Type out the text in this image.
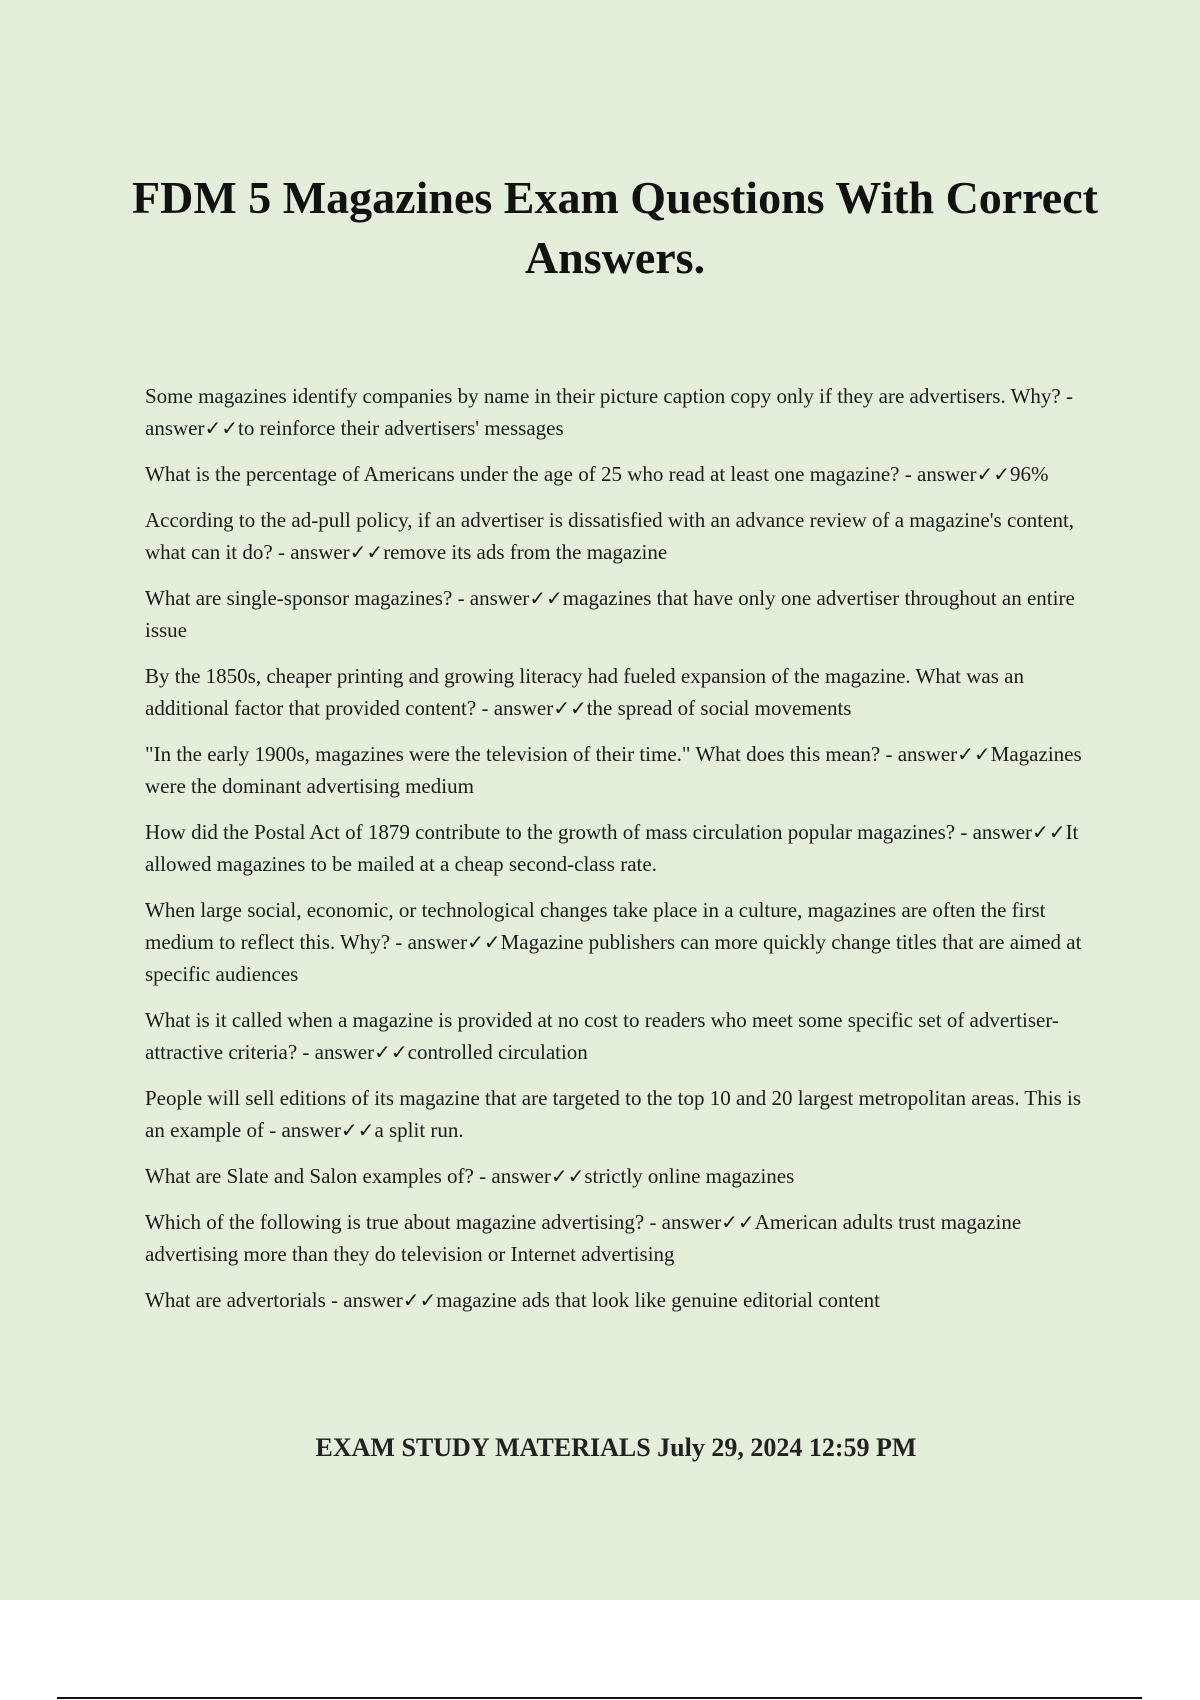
FDM 5 Magazines Exam Questions With Correct Answers.

Some magazines identify companies by name in their picture caption copy only if they are advertisers. Why? - answer✓✓to reinforce their advertisers' messages

What is the percentage of Americans under the age of 25 who read at least one magazine? - answer✓✓96%

According to the ad-pull policy, if an advertiser is dissatisfied with an advance review of a magazine's content, what can it do? - answer✓✓remove its ads from the magazine

What are single-sponsor magazines? - answer✓✓magazines that have only one advertiser throughout an entire issue

By the 1850s, cheaper printing and growing literacy had fueled expansion of the magazine. What was an additional factor that provided content? - answer✓✓the spread of social movements

"In the early 1900s, magazines were the television of their time." What does this mean? - answer✓✓Magazines were the dominant advertising medium

How did the Postal Act of 1879 contribute to the growth of mass circulation popular magazines? - answer✓✓It allowed magazines to be mailed at a cheap second-class rate.

When large social, economic, or technological changes take place in a culture, magazines are often the first medium to reflect this. Why? - answer✓✓Magazine publishers can more quickly change titles that are aimed at specific audiences

What is it called when a magazine is provided at no cost to readers who meet some specific set of advertiser-attractive criteria? - answer✓✓controlled circulation

People will sell editions of its magazine that are targeted to the top 10 and 20 largest metropolitan areas. This is an example of - answer✓✓a split run.

What are Slate and Salon examples of? - answer✓✓strictly online magazines

Which of the following is true about magazine advertising? - answer✓✓American adults trust magazine advertising more than they do television or Internet advertising

What are advertorials - answer✓✓magazine ads that look like genuine editorial content

EXAM STUDY MATERIALS July 29, 2024 12:59 PM
